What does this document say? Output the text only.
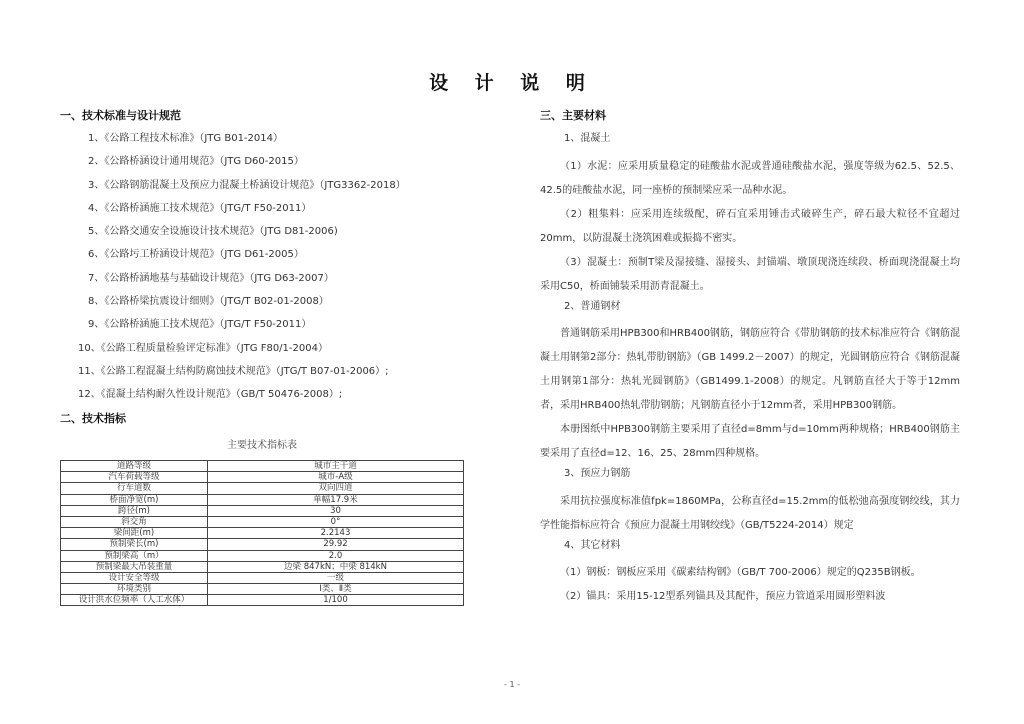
设 计 说 明
一、技术标准与设计规范
1、《公路工程技术标准》（JTG B01-2014）
2、《公路桥涵设计通用规范》（JTG D60-2015）
3、《公路钢筋混凝土及预应力混凝土桥涵设计规范》（JTG3362-2018）
4、《公路桥涵施工技术规范》（JTG/T F50-2011）
5、《公路交通安全设施设计技术规范》（JTG D81-2006)
6、《公路圬工桥涵设计规范》（JTG D61-2005）
7、《公路桥涵地基与基础设计规范》（JTG D63-2007）
8、《公路桥梁抗震设计细则》（JTG/T B02-01-2008）
9、《公路桥涵施工技术规范》（JTG/T F50-2011）
10、《公路工程质量检验评定标准》（JTG F80/1-2004）
11、《公路工程混凝土结构防腐蚀技术规范》（JTG/T B07-01-2006）;
12、《混凝土结构耐久性设计规范》（GB/T 50476-2008）;
二、技术指标
主要技术指标表
道路等级	城市主干道
汽车荷载等级	城市-A级
行车道数	双向四道
桥面净宽(m)	单幅17.9米
跨径(m)	30
斜交角	0°
梁间距(m)	2.2143
预制梁长(m)	29.92
预制梁高（m）	2.0
预制梁最大吊装重量	边梁 847kN；中梁 814kN
设计安全等级	一级
环境类别	Ⅰ类、Ⅱ类
设计洪水位频率（人工水体）	1/100
三、主要材料
1、混凝土
（1）水泥：应采用质量稳定的硅酸盐水泥或普通硅酸盐水泥，强度等级为62.5、52.5、42.5的硅酸盐水泥，同一座桥的预制梁应采一品种水泥。
（2）粗集料：应采用连续级配，碎石宜采用锤击式破碎生产，碎石最大粒径不宜超过20mm，以防混凝土浇筑困难或振捣不密实。
（3）混凝土：预制T梁及湿接缝、湿接头、封锚端、墩顶现浇连续段、桥面现浇混凝土均采用C50，桥面铺装采用沥青混凝土。
2、普通钢材
普通钢筋采用HPB300和HRB400钢筋，钢筋应符合《带肋钢筋的技术标准应符合《钢筋混凝土用钢第2部分：热轧带肋钢筋》（GB 1499.2－2007）的规定，光圆钢筋应符合《钢筋混凝土用钢第1部分：热轧光圆钢筋》（GB1499.1-2008）的规定。凡钢筋直径大于等于12mm者，采用HRB400热轧带肋钢筋；凡钢筋直径小于12mm者，采用HPB300钢筋。
本册图纸中HPB300钢筋主要采用了直径d=8mm与d=10mm两种规格；HRB400钢筋主要采用了直径d=12、16、25、28mm四种规格。
3、预应力钢筋
采用抗拉强度标准值fpk=1860MPa，公称直径d=15.2mm的低松弛高强度钢绞线，其力学性能指标应符合《预应力混凝土用钢绞线》（GB/T5224-2014）规定
4、其它材料
（1）钢板：钢板应采用《碳素结构钢》（GB/T 700-2006）规定的Q235B钢板。
（2）锚具：采用15-12型系列锚具及其配件，预应力管道采用圆形塑料波
- 1 -
